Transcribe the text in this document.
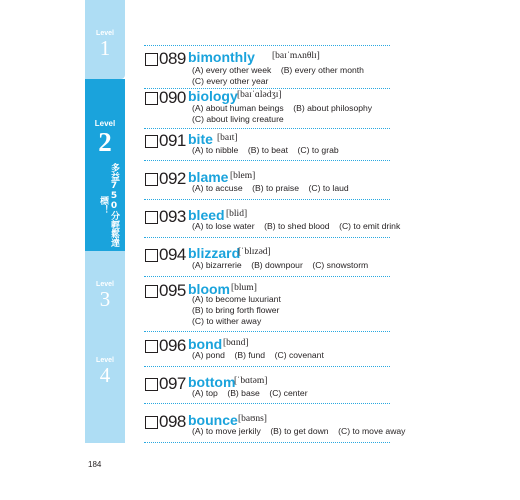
Level
1
Level
2
多益750分輕鬆達標！
Level
3
Level
4
089 bimonthly [baɪˈmʌnθlɪ]
(A) every other week    (B) every other month
(C) every other year
090 biology [baɪˈɑlədʒɪ]
(A) about human beings    (B) about philosophy
(C) about living creature
091 bite [baɪt]
(A) to nibble    (B) to beat    (C) to grab
092 blame [blem]
(A) to accuse    (B) to praise    (C) to laud
093 bleed [blid]
(A) to lose water    (B) to shed blood    (C) to emit drink
094 blizzard
[ˈblɪzəd]
(A) bizarrerie    (B) downpour    (C) snowstorm
095 bloom [blum]
(A) to become luxuriant
(B) to bring forth flower
(C) to wither away
096 bond [bɑnd]
(A) pond    (B) fund    (C) covenant
097 bottom
[ˈbɑtəm]
(A) top    (B) base    (C) center
098 bounce [baʊns]
(A) to move jerkily    (B) to get down    (C) to move away
184
